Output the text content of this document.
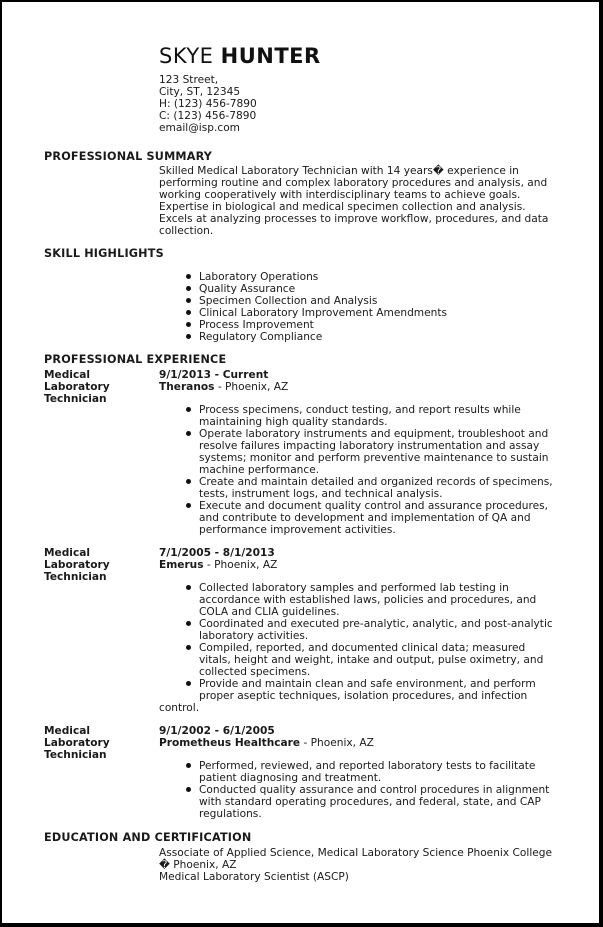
SKYE HUNTER
123 Street,
City, ST, 12345
H: (123) 456-7890
C: (123) 456-7890
email@isp.com
PROFESSIONAL SUMMARY
Skilled Medical Laboratory Technician with 14 years� experience in performing routine and complex laboratory procedures and analysis, and working cooperatively with interdisciplinary teams to achieve goals. Expertise in biological and medical specimen collection and analysis. Excels at analyzing processes to improve workflow, procedures, and data collection.
SKILL HIGHLIGHTS
Laboratory Operations
Quality Assurance
Specimen Collection and Analysis
Clinical Laboratory Improvement Amendments
Process Improvement
Regulatory Compliance
PROFESSIONAL EXPERIENCE
Medical Laboratory Technician
9/1/2013 - Current
Theranos - Phoenix, AZ
Process specimens, conduct testing, and report results while maintaining high quality standards.
Operate laboratory instruments and equipment, troubleshoot and resolve failures impacting laboratory instrumentation and assay systems; monitor and perform preventive maintenance to sustain machine performance.
Create and maintain detailed and organized records of specimens, tests, instrument logs, and technical analysis.
Execute and document quality control and assurance procedures, and contribute to development and implementation of QA and performance improvement activities.
Medical Laboratory Technician
7/1/2005 - 8/1/2013
Emerus - Phoenix, AZ
Collected laboratory samples and performed lab testing in accordance with established laws, policies and procedures, and COLA and CLIA guidelines.
Coordinated and executed pre-analytic, analytic, and post-analytic laboratory activities.
Compiled, reported, and documented clinical data; measured vitals, height and weight, intake and output, pulse oximetry, and collected specimens.
Provide and maintain clean and safe environment, and perform proper aseptic techniques, isolation procedures, and infection
control.
Medical Laboratory Technician
9/1/2002 - 6/1/2005
Prometheus Healthcare - Phoenix, AZ
Performed, reviewed, and reported laboratory tests to facilitate patient diagnosing and treatment.
Conducted quality assurance and control procedures in alignment with standard operating procedures, and federal, state, and CAP regulations.
EDUCATION AND CERTIFICATION
Associate of Applied Science, Medical Laboratory Science Phoenix College � Phoenix, AZ
Medical Laboratory Scientist (ASCP)
